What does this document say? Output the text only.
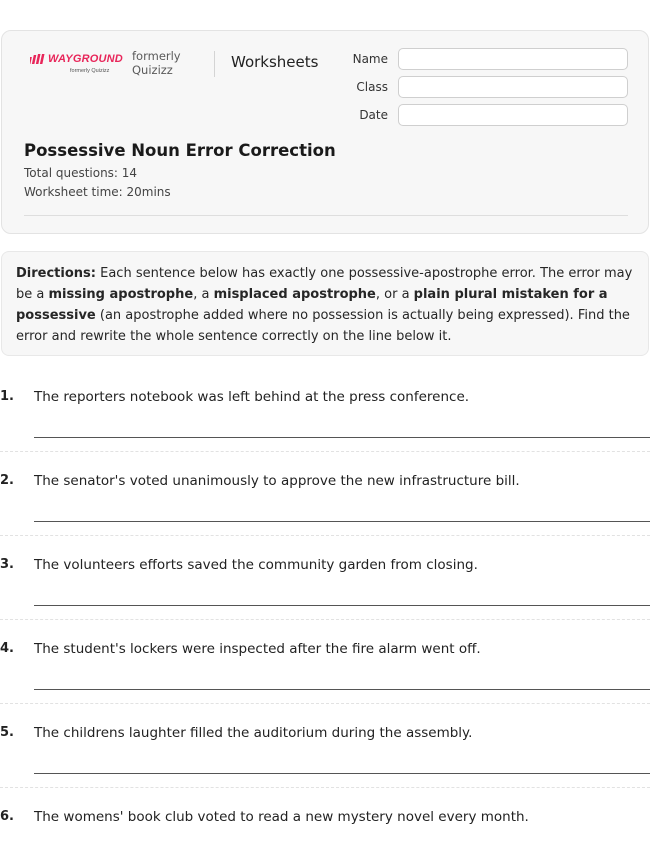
WAYGROUND
formerly Quizizz
formerly
Quizizz	Worksheets	Name
Class
Date
Possessive Noun Error Correction
Total questions: 14
Worksheet time: 20mins
Directions: Each sentence below has exactly one possessive-apostrophe error. The error may be a missing apostrophe, a misplaced apostrophe, or a plain plural mistaken for a possessive (an apostrophe added where no possession is actually being expressed). Find the error and rewrite the whole sentence correctly on the line below it.
1. The reporters notebook was left behind at the press conference.
2. The senator's voted unanimously to approve the new infrastructure bill.
3. The volunteers efforts saved the community garden from closing.
4. The student's lockers were inspected after the fire alarm went off.
5. The childrens laughter filled the auditorium during the assembly.
6. The womens' book club voted to read a new mystery novel every month.
